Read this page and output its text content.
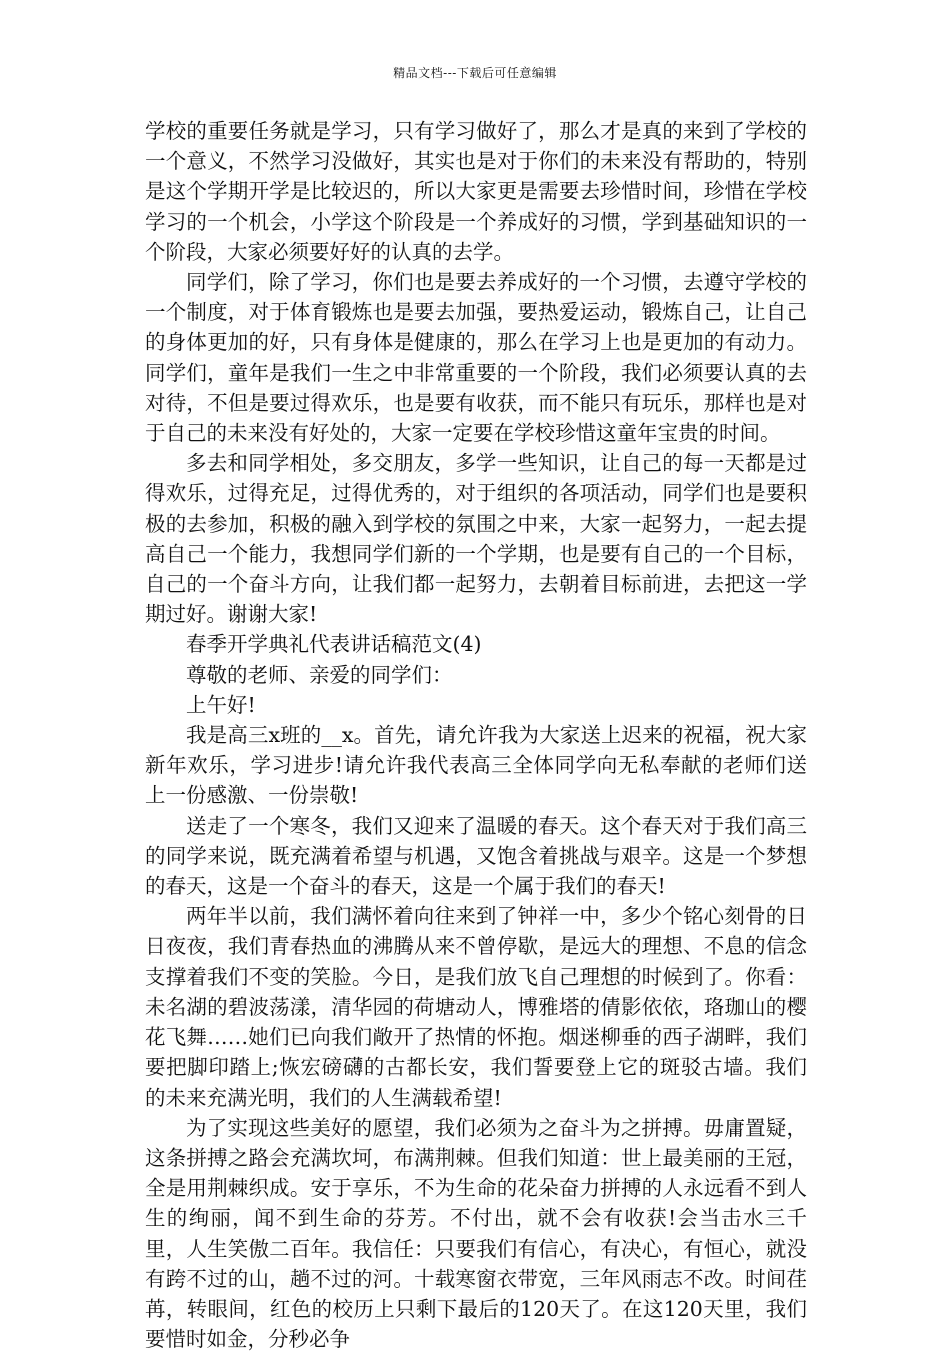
精品文档---下载后可任意编辑

学校的重要任务就是学习，只有学习做好了，那么才是真的来到了学校的一个意义，不然学习没做好，其实也是对于你们的未来没有帮助的，特别是这个学期开学是比较迟的，所以大家更是需要去珍惜时间，珍惜在学校学习的一个机会，小学这个阶段是一个养成好的习惯，学到基础知识的一个阶段，大家必须要好好的认真的去学。

同学们，除了学习，你们也是要去养成好的一个习惯，去遵守学校的一个制度，对于体育锻炼也是要去加强，要热爱运动，锻炼自己，让自己的身体更加的好，只有身体是健康的，那么在学习上也是更加的有动力。同学们，童年是我们一生之中非常重要的一个阶段，我们必须要认真的去对待，不但是要过得欢乐，也是要有收获，而不能只有玩乐，那样也是对于自己的未来没有好处的，大家一定要在学校珍惜这童年宝贵的时间。

多去和同学相处，多交朋友，多学一些知识，让自己的每一天都是过得欢乐，过得充足，过得优秀的，对于组织的各项活动，同学们也是要积极的去参加，积极的融入到学校的氛围之中来，大家一起努力，一起去提高自己一个能力，我想同学们新的一个学期，也是要有自己的一个目标，自己的一个奋斗方向，让我们都一起努力，去朝着目标前进，去把这一学期过好。谢谢大家!

春季开学典礼代表讲话稿范文(4)

尊敬的老师、亲爱的同学们：

上午好!

我是高三x班的__x。首先，请允许我为大家送上迟来的祝福，祝大家新年欢乐，学习进步!请允许我代表高三全体同学向无私奉献的老师们送上一份感激、一份崇敬!

送走了一个寒冬，我们又迎来了温暖的春天。这个春天对于我们高三的同学来说，既充满着希望与机遇，又饱含着挑战与艰辛。这是一个梦想的春天，这是一个奋斗的春天，这是一个属于我们的春天!

两年半以前，我们满怀着向往来到了钟祥一中，多少个铭心刻骨的日日夜夜，我们青春热血的沸腾从来不曾停歇，是远大的理想、不息的信念支撑着我们不变的笑脸。今日，是我们放飞自己理想的时候到了。你看：未名湖的碧波荡漾，清华园的荷塘动人，博雅塔的倩影依依，珞珈山的樱花飞舞……她们已向我们敞开了热情的怀抱。烟迷柳垂的西子湖畔，我们要把脚印踏上;恢宏磅礴的古都长安，我们誓要登上它的斑驳古墙。我们的未来充满光明，我们的人生满载希望!

为了实现这些美好的愿望，我们必须为之奋斗为之拼搏。毋庸置疑，这条拼搏之路会充满坎坷，布满荆棘。但我们知道：世上最美丽的王冠，全是用荆棘织成。安于享乐，不为生命的花朵奋力拼搏的人永远看不到人生的绚丽，闻不到生命的芬芳。不付出，就不会有收获!会当击水三千里，人生笑傲二百年。我信任：只要我们有信心，有决心，有恒心，就没有跨不过的山，趟不过的河。十载寒窗衣带宽，三年风雨志不改。时间荏苒，转眼间，红色的校历上只剩下最后的120天了。在这120天里，我们要惜时如金，分秒必争
